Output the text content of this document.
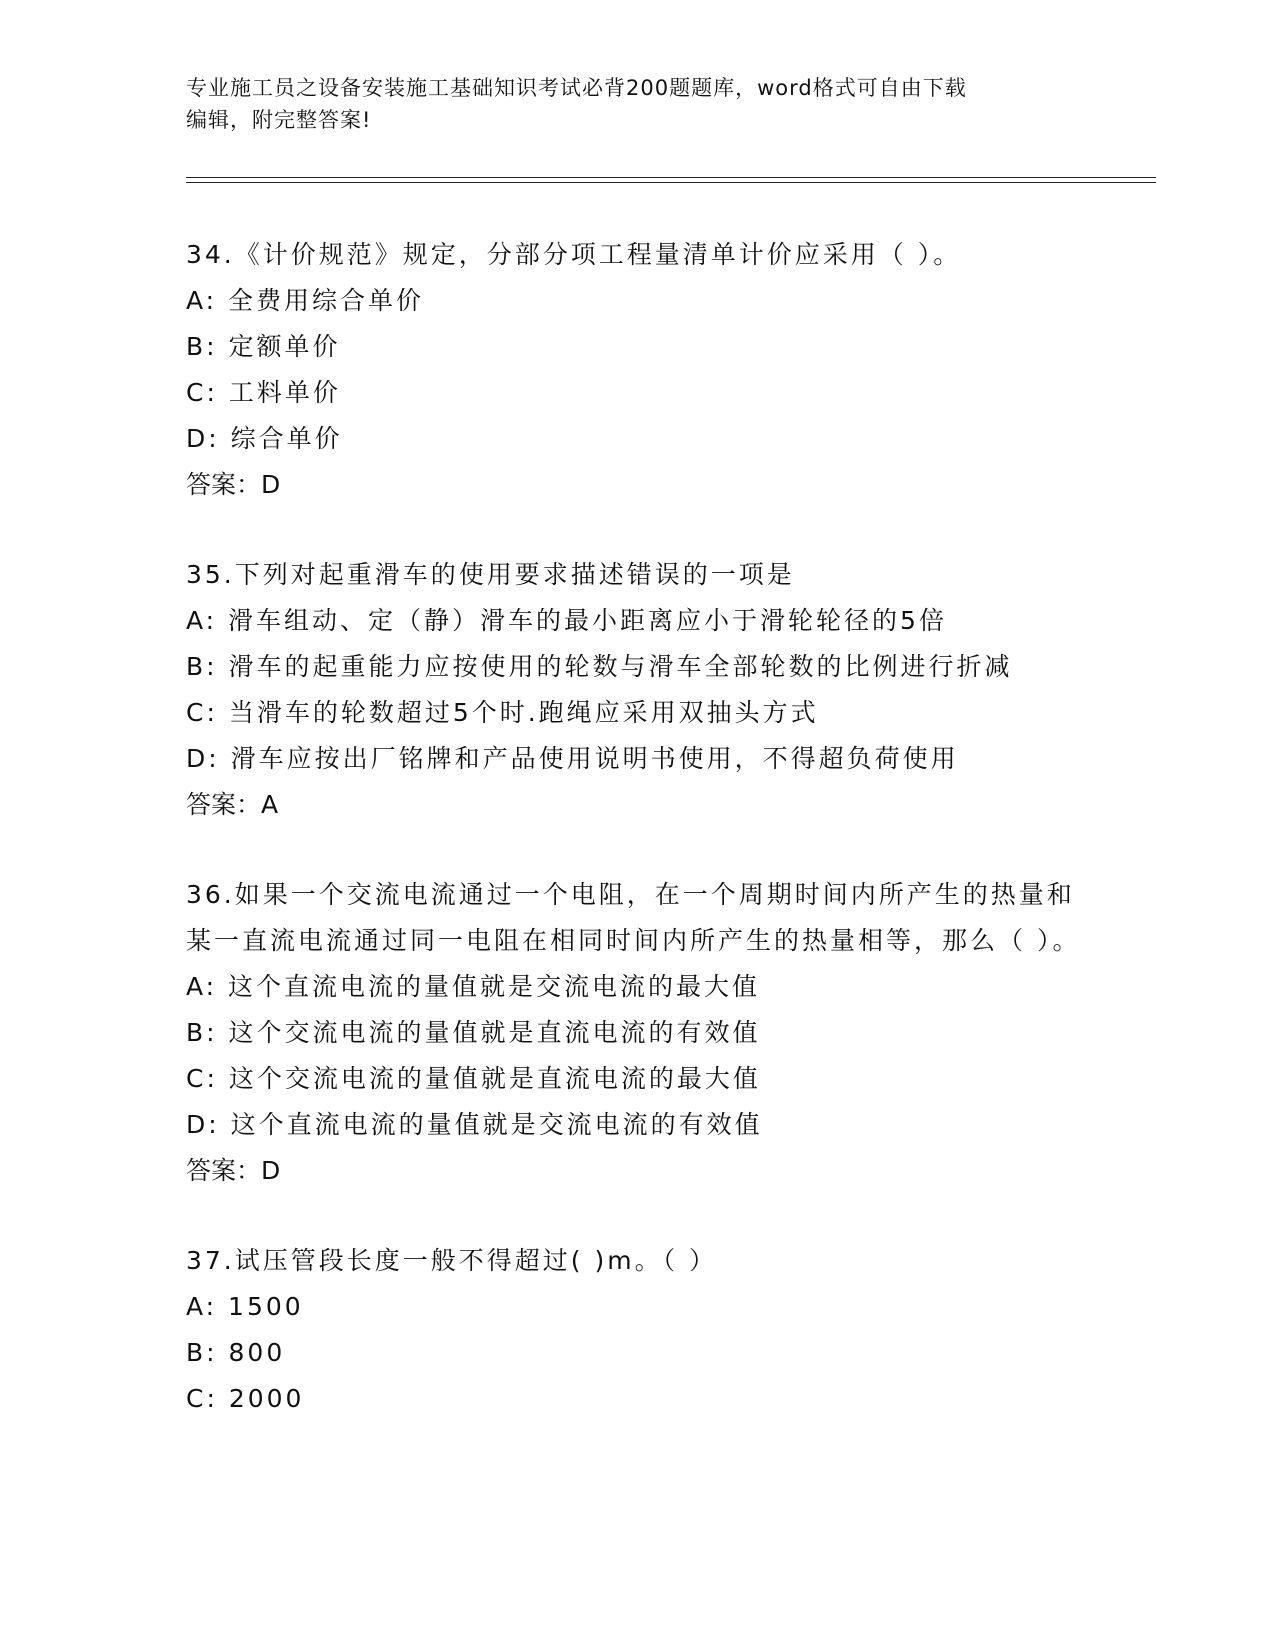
专业施工员之设备安装施工基础知识考试必背200题题库，word格式可自由下载
编辑，附完整答案!
34.《计价规范》规定，分部分项工程量清单计价应采用（ ）。
A: 全费用综合单价
B: 定额单价
C: 工料单价
D: 综合单价
答案：D
35.下列对起重滑车的使用要求描述错误的一项是
A: 滑车组动、定（静）滑车的最小距离应小于滑轮轮径的5倍
B: 滑车的起重能力应按使用的轮数与滑车全部轮数的比例进行折减
C: 当滑车的轮数超过5个时.跑绳应采用双抽头方式
D: 滑车应按出厂铭牌和产品使用说明书使用，不得超负荷使用
答案：A
36.如果一个交流电流通过一个电阻，在一个周期时间内所产生的热量和某一直流电流通过同一电阻在相同时间内所产生的热量相等，那么（ ）。
A: 这个直流电流的量值就是交流电流的最大值
B: 这个交流电流的量值就是直流电流的有效值
C: 这个交流电流的量值就是直流电流的最大值
D: 这个直流电流的量值就是交流电流的有效值
答案：D
37.试压管段长度一般不得超过( )m。（ ）
A: 1500
B: 800
C: 2000
